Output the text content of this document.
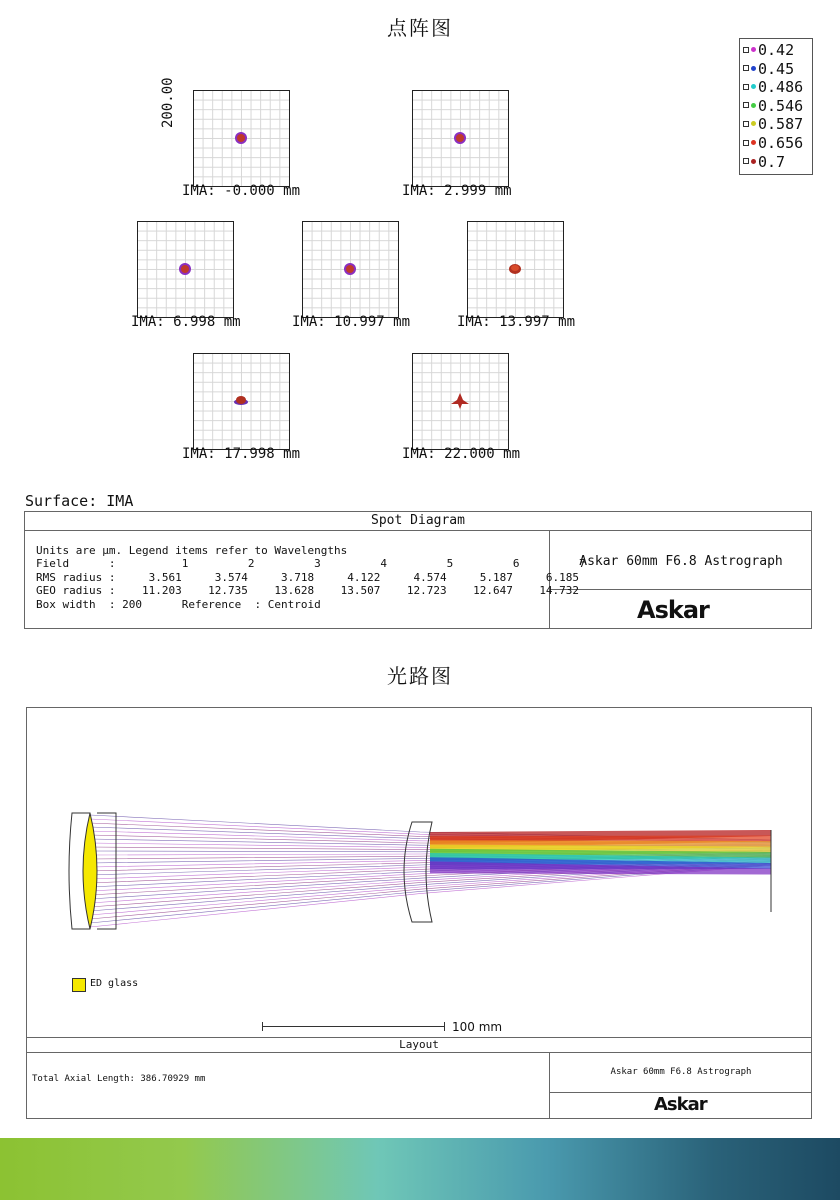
点阵图
0.42
0.45
0.486
0.546
0.587
0.656
0.7
200.00
IMA: -0.000 mm	IMA: 2.999 mm
IMA: 6.998 mm	IMA: 10.997 mm	IMA: 13.997 mm
IMA: 17.998 mm	IMA: 22.000 mm
Surface: IMA
Spot Diagram
Units are µm. Legend items refer to Wavelengths
Field      :          1         2         3         4         5         6         7
RMS radius :     3.561     3.574     3.718     4.122     4.574     5.187     6.185
GEO radius :    11.203    12.735    13.628    13.507    12.723    12.647    14.732
Box width  : 200      Reference  : Centroid
Askar 60mm F6.8 Astrograph
Askar
光路图
ED glass
100 mm
Layout
Total Axial Length: 386.70929 mm
Askar 60mm F6.8 Astrograph
Askar
